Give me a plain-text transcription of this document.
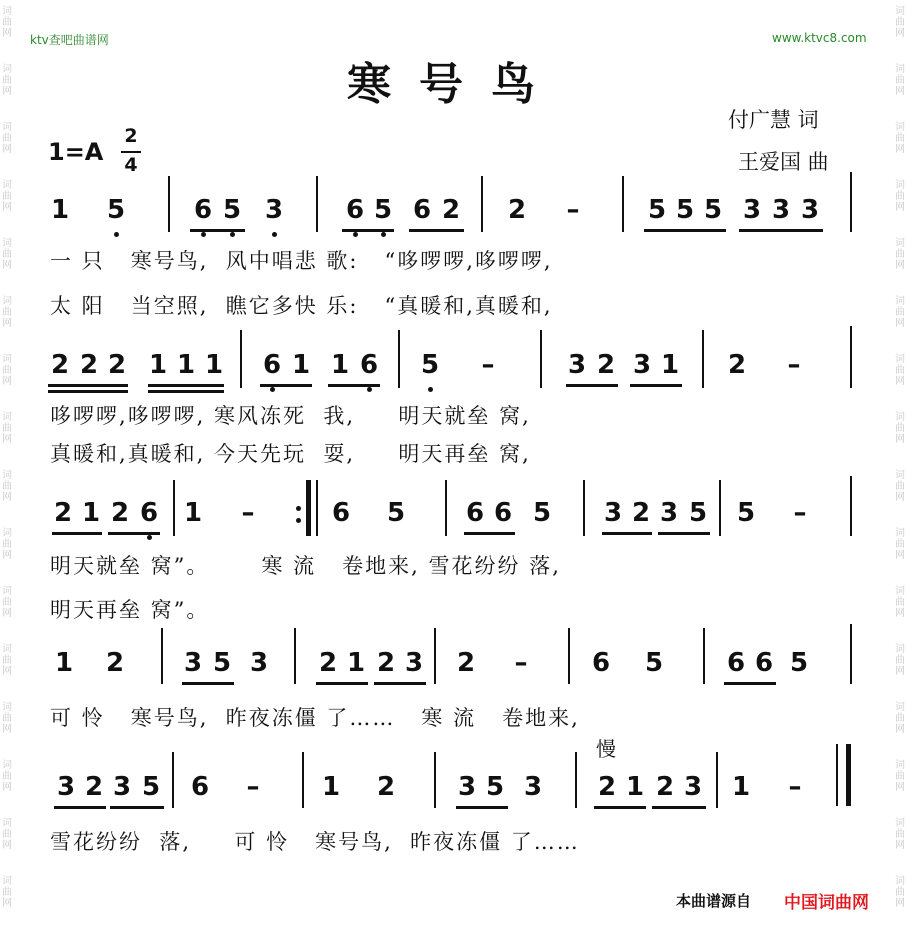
词
曲
网
词
曲
网
词
曲
网
词
曲
网
词
曲
网
词
曲
网
词
曲
网
词
曲
网
词
曲
网
词
曲
网
词
曲
网
词
曲
网
词
曲
网
词
曲
网
词
曲
网
词
曲
网
词
曲
网
词
曲
网
词
曲
网
词
曲
网
词
曲
网
词
曲
网
词
曲
网
词
曲
网
词
曲
网
词
曲
网
词
曲
网
词
曲
网
词
曲
网
词
曲
网
词
曲
网
词
曲
网
ktv查吧曲谱网	www.ktvc8.com
寒号鸟
付广慧 词
王爱国 曲
1=A
2
4
1 5	6 5 3 6 5 6 2 2 –	5 5 5 3 3 3
2 2 2 1 1 1 6 1 1 6 5 –	3 2 3 1 2 –
2 1 2 6 1 –	6 5 6 6 5 3 2 3 5 5 –
1 2 3 5 3 2 1 2 3 2 – 6 5 6 6 5
3 2 3 5 6 – 1 2 3 5 3 2 1 2 3 1 –
一 只   寒号鸟,  风中唱悲 歌:   “哆啰啰,哆啰啰,
太 阳   当空照,  瞧它多快 乐:   “真暖和,真暖和,
哆啰啰,哆啰啰, 寒风冻死  我,     明天就垒 窝,
真暖和,真暖和, 今天先玩  耍,     明天再垒 窝,
明天就垒 窝”。      寒 流   卷地来, 雪花纷纷 落,
明天再垒 窝”。
可 怜   寒号鸟,  昨夜冻僵 了……   寒 流   卷地来,
雪花纷纷  落,     可 怜   寒号鸟,  昨夜冻僵 了……
慢
本曲谱源自 中国词曲网
